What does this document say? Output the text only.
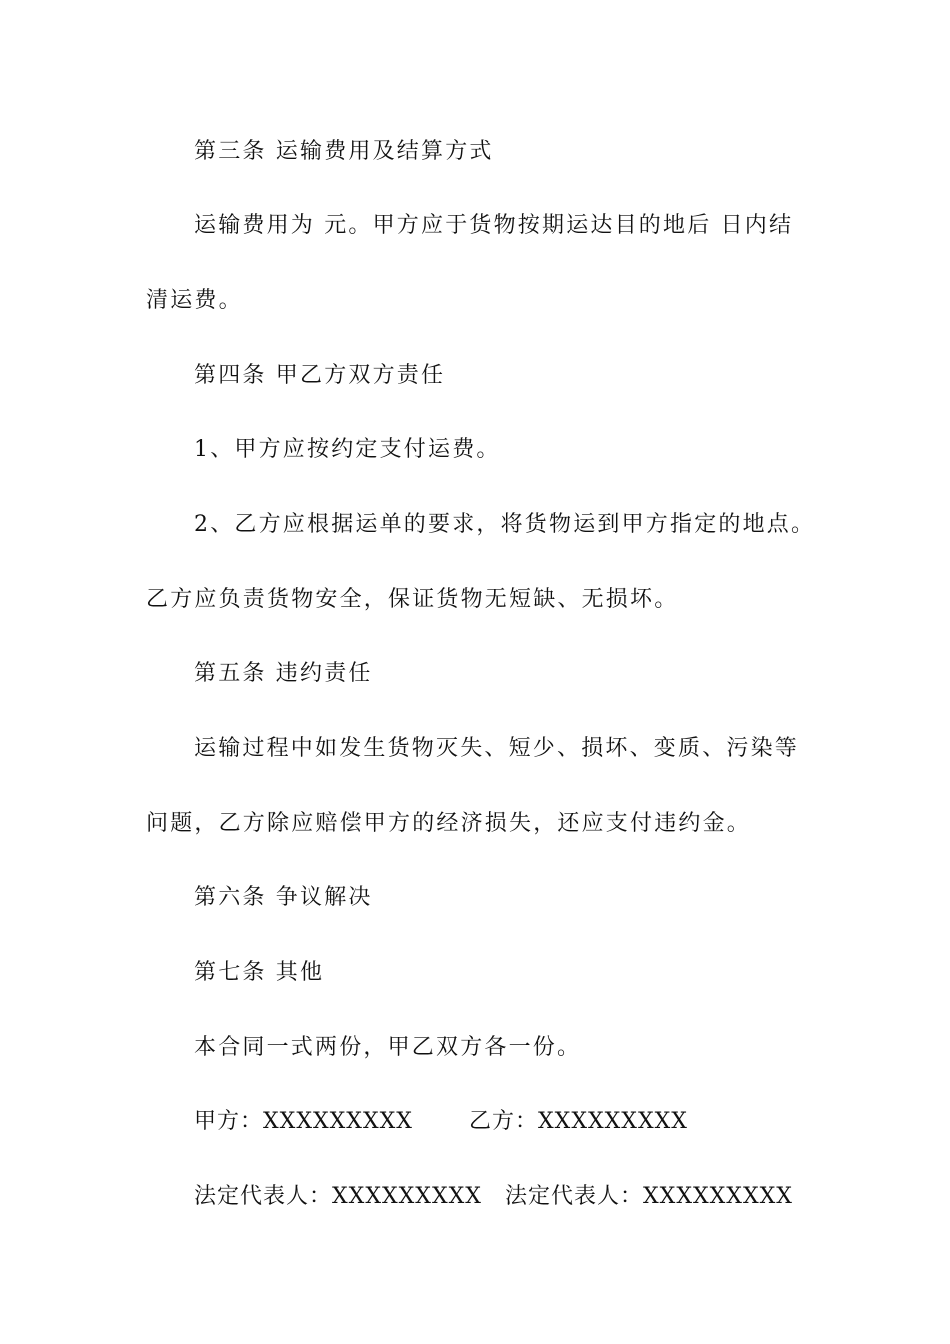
第三条 运输费用及结算方式
运输费用为 元。甲方应于货物按期运达目的地后 日内结
清运费。
第四条 甲乙方双方责任
1、甲方应按约定支付运费。
2、乙方应根据运单的要求，将货物运到甲方指定的地点。
乙方应负责货物安全，保证货物无短缺、无损坏。
第五条 违约责任
运输过程中如发生货物灭失、短少、损坏、变质、污染等
问题，乙方除应赔偿甲方的经济损失，还应支付违约金。
第六条 争议解决
第七条 其他
本合同一式两份，甲乙双方各一份。
甲方：XXXXXXXXX	乙方：XXXXXXXXX
法定代表人：XXXXXXXXX 法定代表人：XXXXXXXXX
